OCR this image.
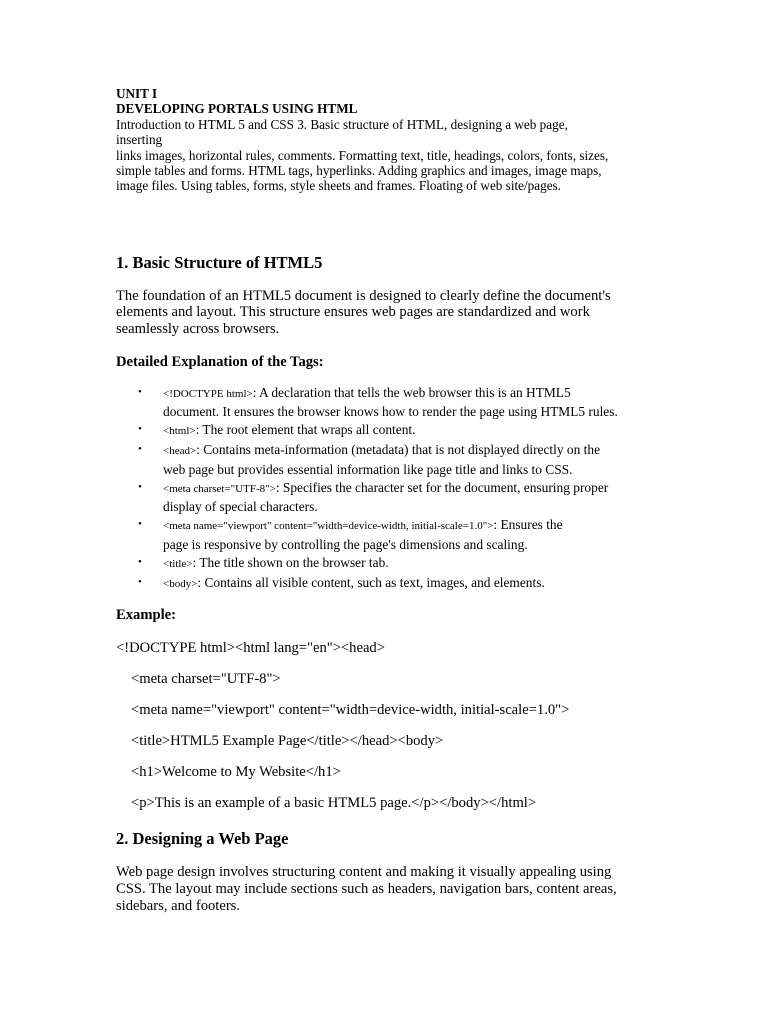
UNIT I
DEVELOPING PORTALS USING HTML
Introduction to HTML 5 and CSS 3. Basic structure of HTML, designing a web page,
inserting
links images, horizontal rules, comments. Formatting text, title, headings, colors, fonts, sizes,
simple tables and forms. HTML tags, hyperlinks. Adding graphics and images, image maps,
image files. Using tables, forms, style sheets and frames. Floating of web site/pages.
1. Basic Structure of HTML5
The foundation of an HTML5 document is designed to clearly define the document's
elements and layout. This structure ensures web pages are standardized and work
seamlessly across browsers.
Detailed Explanation of the Tags:
• <!DOCTYPE html>: A declaration that tells the web browser this is an HTML5
document. It ensures the browser knows how to render the page using HTML5 rules.
• <html>: The root element that wraps all content.
• <head>: Contains meta-information (metadata) that is not displayed directly on the
web page but provides essential information like page title and links to CSS.
• <meta charset="UTF-8">: Specifies the character set for the document, ensuring proper
display of special characters.
• <meta name="viewport" content="width=device-width, initial-scale=1.0">: Ensures the
page is responsive by controlling the page's dimensions and scaling.
• <title>: The title shown on the browser tab.
• <body>: Contains all visible content, such as text, images, and elements.
Example:
<!DOCTYPE html><html lang="en"><head>
<meta charset="UTF-8">
<meta name="viewport" content="width=device-width, initial-scale=1.0">
<title>HTML5 Example Page</title></head><body>
<h1>Welcome to My Website</h1>
<p>This is an example of a basic HTML5 page.</p></body></html>
2. Designing a Web Page
Web page design involves structuring content and making it visually appealing using
CSS. The layout may include sections such as headers, navigation bars, content areas,
sidebars, and footers.
